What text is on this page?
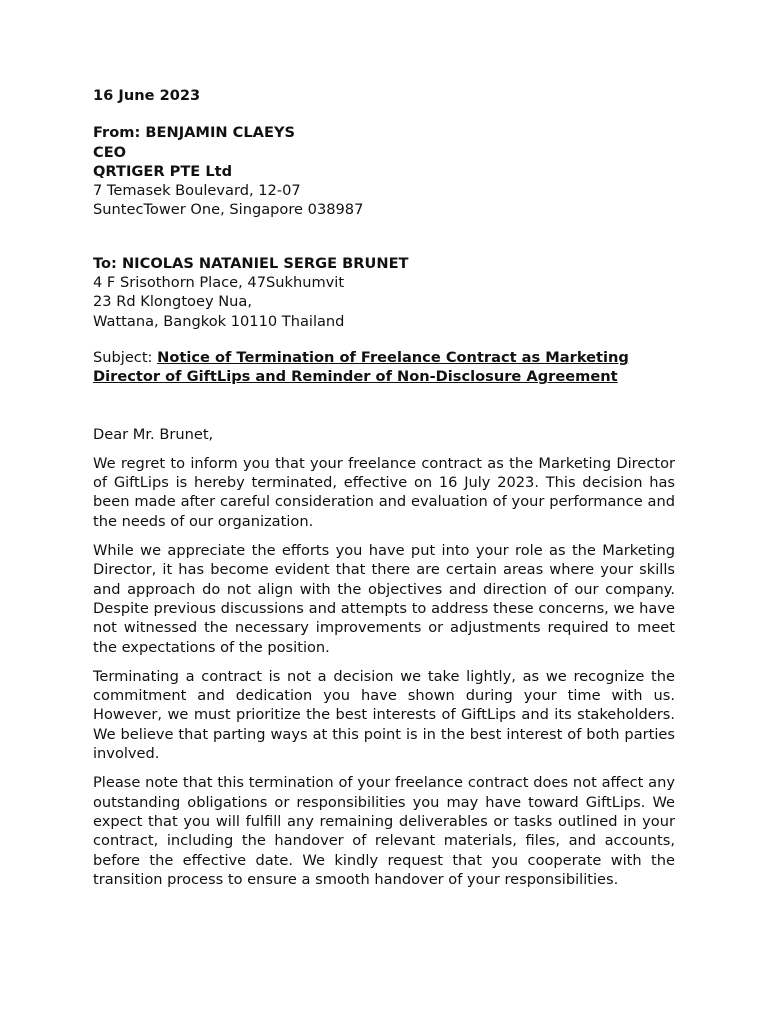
16 June 2023
From: BENJAMIN CLAEYS
CEO
QRTIGER PTE Ltd
7 Temasek Boulevard, 12-07
SuntecTower One, Singapore 038987
To: NICOLAS NATANIEL SERGE BRUNET
4 F Srisothorn Place, 47Sukhumvit
23 Rd Klongtoey Nua,
Wattana, Bangkok 10110 Thailand
Subject: Notice of Termination of Freelance Contract as Marketing
Director of GiftLips and Reminder of Non-Disclosure Agreement
Dear Mr. Brunet,

We regret to inform you that your freelance contract as the Marketing Director of GiftLips is hereby terminated, effective on 16 July 2023. This decision has been made after careful consideration and evaluation of your performance and the needs of our organization.

While we appreciate the efforts you have put into your role as the Marketing Director, it has become evident that there are certain areas where your skills and approach do not align with the objectives and direction of our company. Despite previous discussions and attempts to address these concerns, we have not witnessed the necessary improvements or adjustments required to meet the expectations of the position.

Terminating a contract is not a decision we take lightly, as we recognize the commitment and dedication you have shown during your time with us. However, we must prioritize the best interests of GiftLips and its stakeholders. We believe that parting ways at this point is in the best interest of both parties involved.

Please note that this termination of your freelance contract does not affect any outstanding obligations or responsibilities you may have toward GiftLips. We expect that you will fulfill any remaining deliverables or tasks outlined in your contract, including the handover of relevant materials, files, and accounts, before the effective date. We kindly request that you cooperate with the transition process to ensure a smooth handover of your responsibilities.
